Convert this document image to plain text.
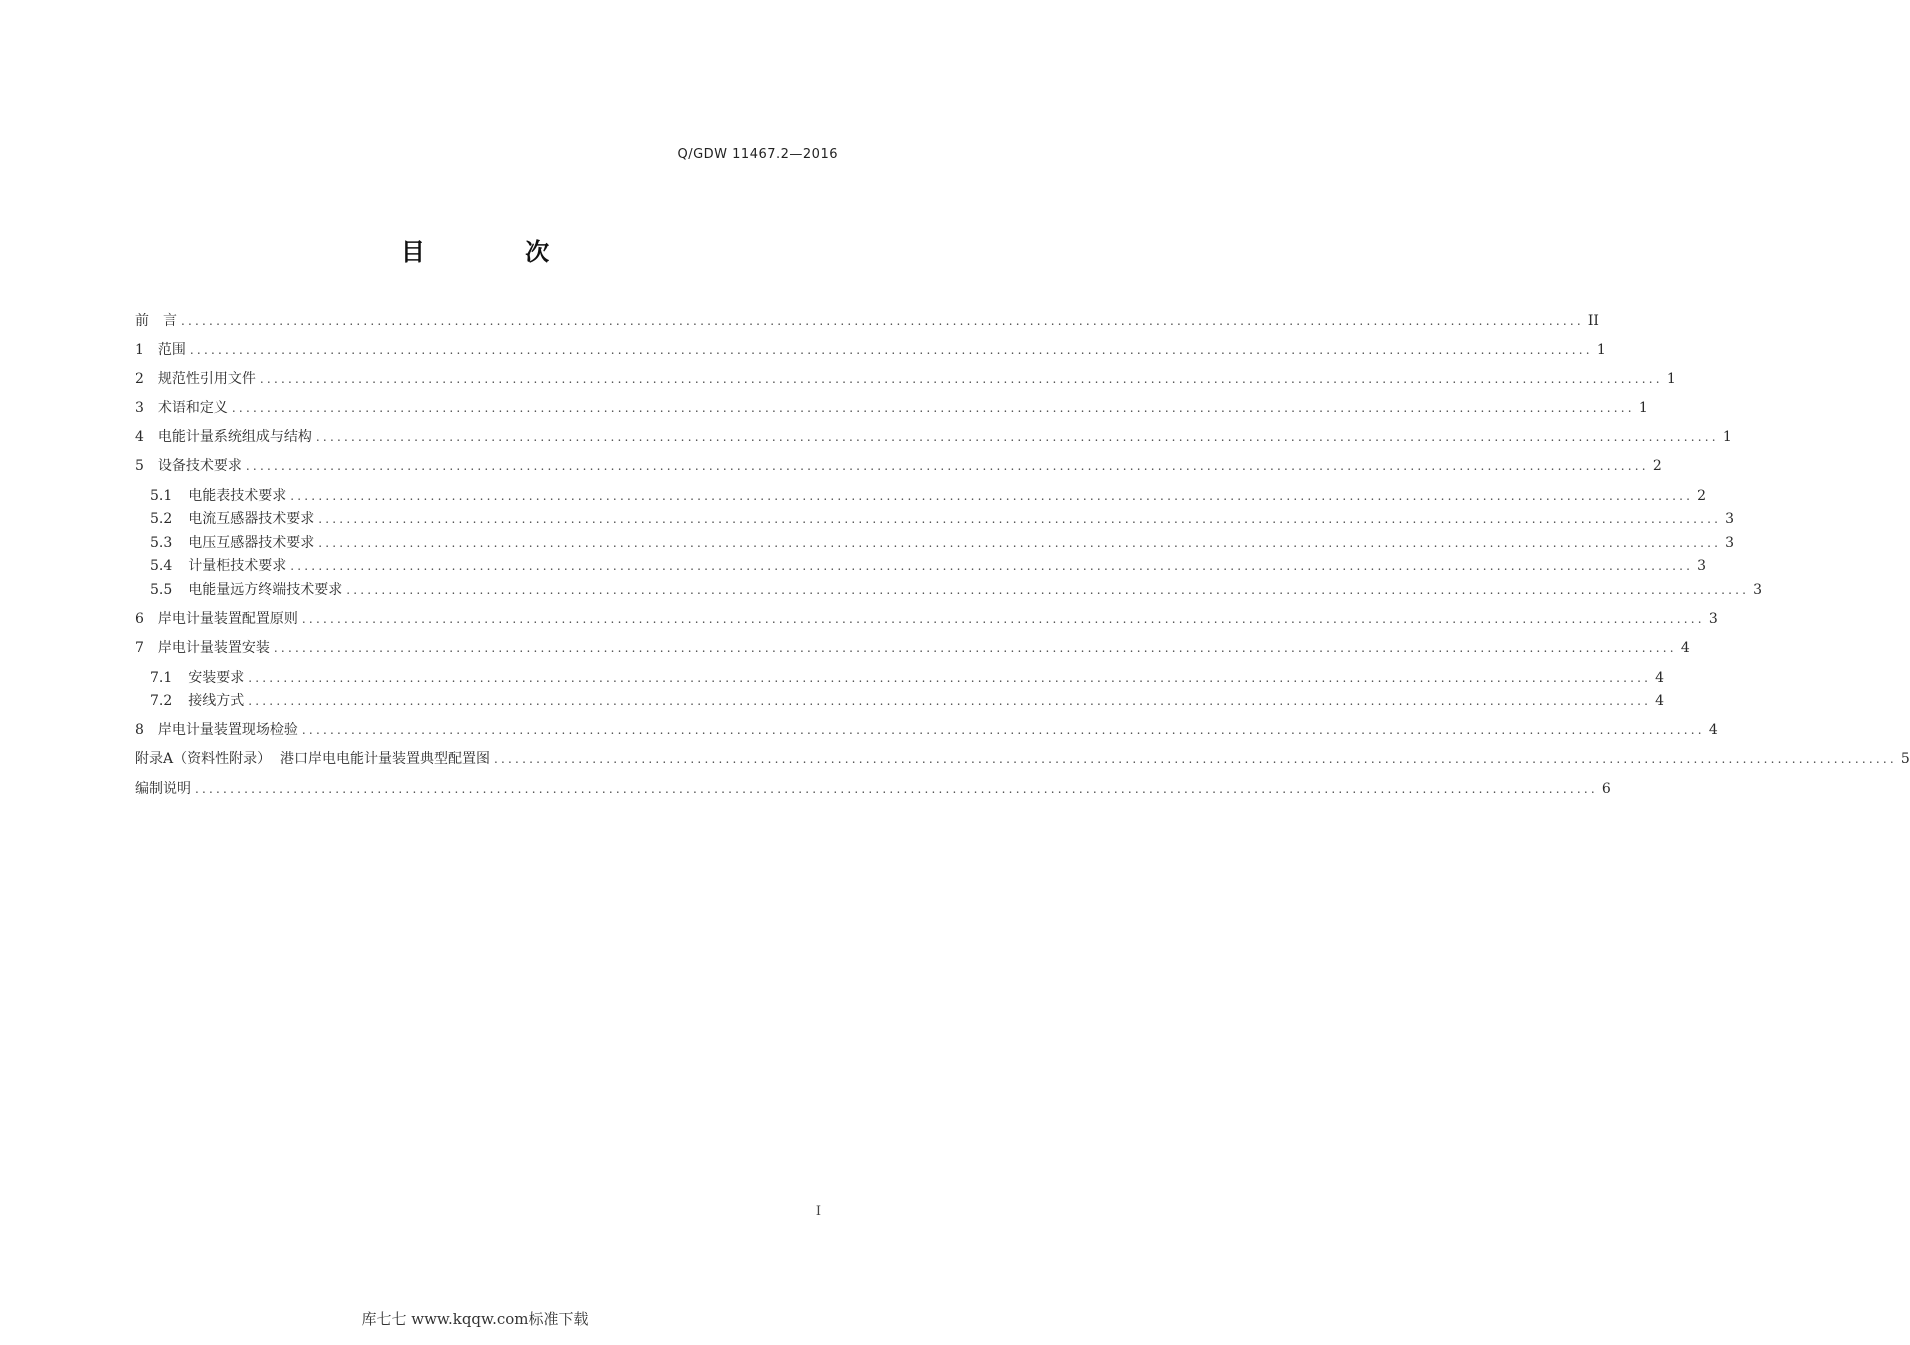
Q/GDW 11467.2—2016
目 次
前　言 ........................................................................................................................................................................................................ II
1 范围 ........................................................................................................................................................................................................ 1
2 规范性引用文件 ........................................................................................................................................................................................................ 1
3 术语和定义 ........................................................................................................................................................................................................ 1
4 电能计量系统组成与结构 ........................................................................................................................................................................................................ 1
5 设备技术要求 ........................................................................................................................................................................................................ 2
5.1 电能表技术要求 ........................................................................................................................................................................................................ 2
5.2 电流互感器技术要求 ........................................................................................................................................................................................................ 3
5.3 电压互感器技术要求 ........................................................................................................................................................................................................ 3
5.4 计量柜技术要求 ........................................................................................................................................................................................................ 3
5.5 电能量远方终端技术要求 ........................................................................................................................................................................................................ 3
6 岸电计量装置配置原则 ........................................................................................................................................................................................................ 3
7 岸电计量装置安装 ........................................................................................................................................................................................................ 4
7.1 安装要求 ........................................................................................................................................................................................................ 4
7.2 接线方式 ........................................................................................................................................................................................................ 4
8 岸电计量装置现场检验 ........................................................................................................................................................................................................ 4
附录A（资料性附录）  港口岸电电能计量装置典型配置图 ........................................................................................................................................................................................................ 5
编制说明 ........................................................................................................................................................................................................ 6
I
库七七 www.kqqw.com标准下载
